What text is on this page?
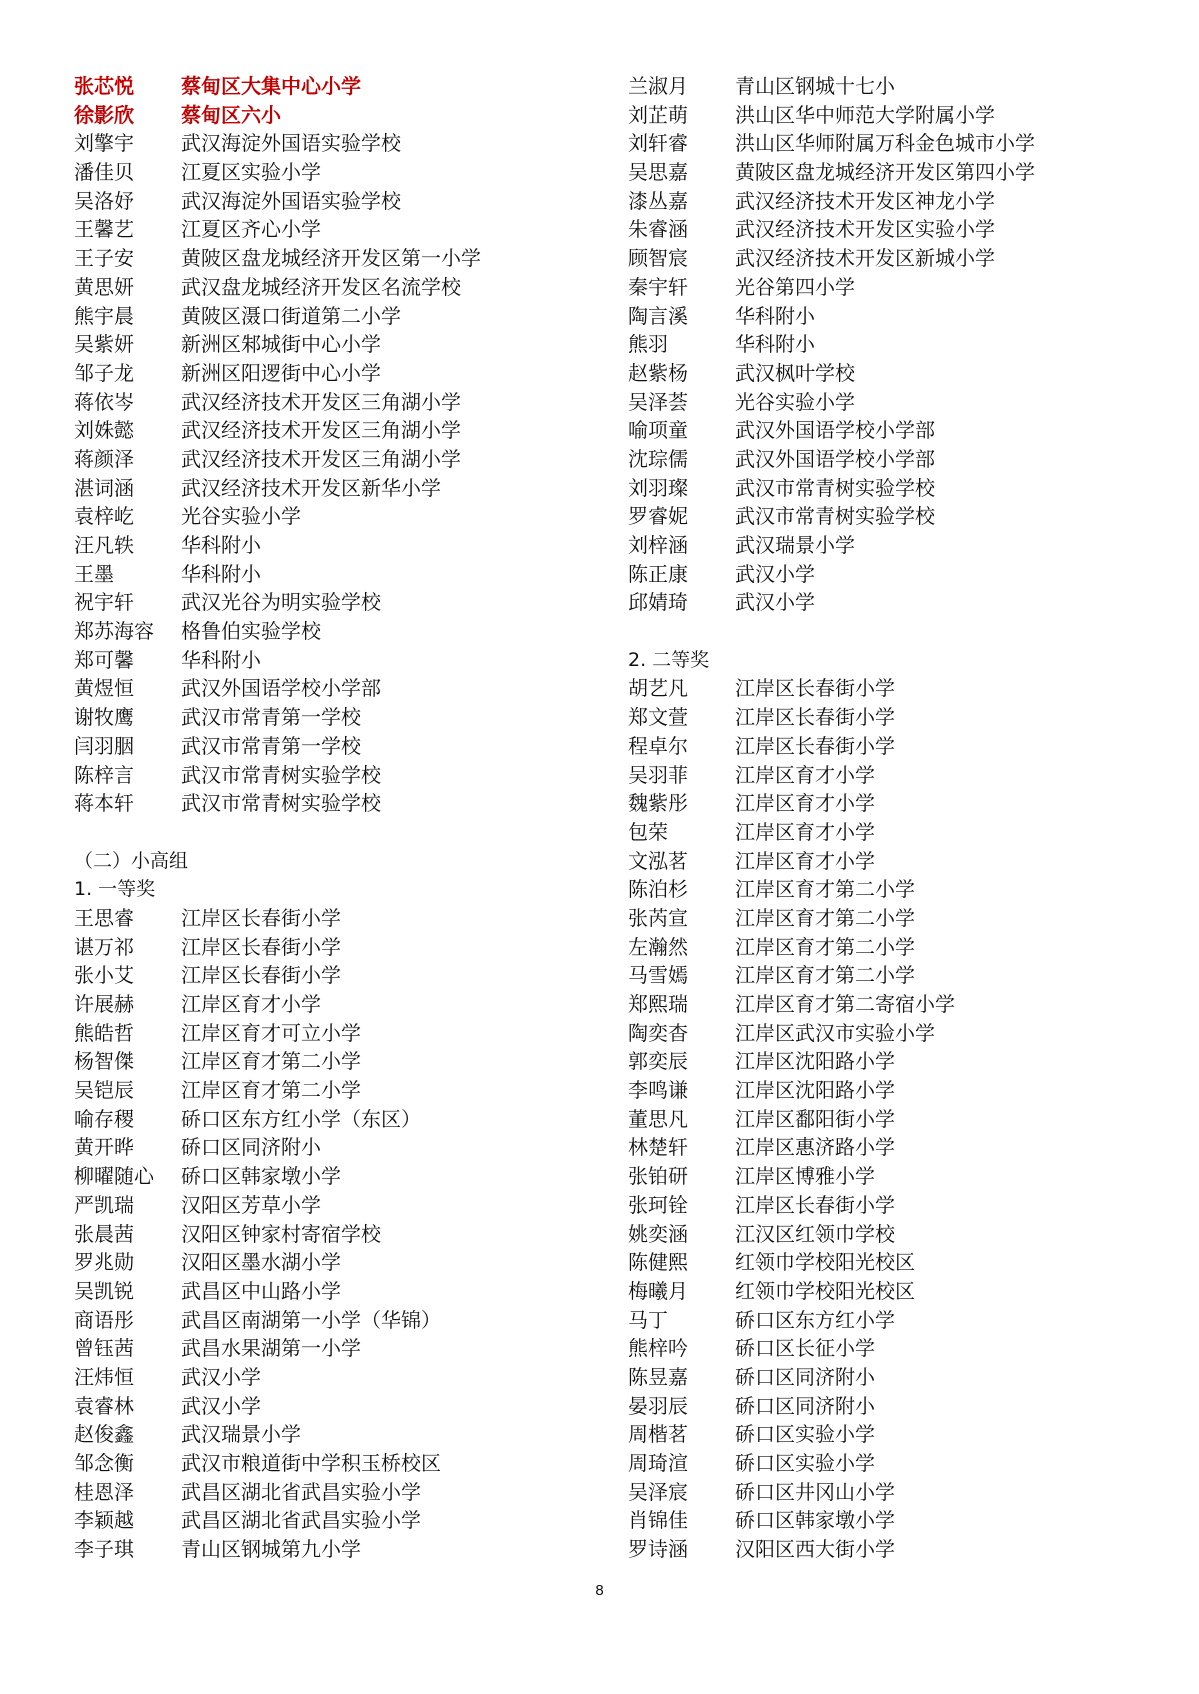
张芯悦 蔡甸区大集中心小学
徐影欣 蔡甸区六小
刘擎宇 武汉海淀外国语实验学校
潘佳贝 江夏区实验小学
吴洛妤 武汉海淀外国语实验学校
王馨艺 江夏区齐心小学
王子安 黄陂区盘龙城经济开发区第一小学
黄思妍 武汉盘龙城经济开发区名流学校
熊宇晨 黄陂区滠口街道第二小学
吴紫妍 新洲区邾城街中心小学
邹子龙 新洲区阳逻街中心小学
蒋依岑 武汉经济技术开发区三角湖小学
刘姝懿 武汉经济技术开发区三角湖小学
蒋颜泽 武汉经济技术开发区三角湖小学
湛词涵 武汉经济技术开发区新华小学
袁梓屹 光谷实验小学
汪凡轶 华科附小
王墨	华科附小
祝宇轩 武汉光谷为明实验学校
郑苏海容 格鲁伯实验学校
郑可馨 华科附小
黄煜恒 武汉外国语学校小学部
谢牧鹰 武汉市常青第一学校
闫羽胭 武汉市常青第一学校
陈梓言 武汉市常青树实验学校
蒋本轩 武汉市常青树实验学校
（二）小高组
1. 一等奖
王思睿 江岸区长春街小学
谌万祁 江岸区长春街小学
张小艾 江岸区长春街小学
许展赫 江岸区育才小学
熊皓哲 江岸区育才可立小学
杨智傑 江岸区育才第二小学
吴铠辰 江岸区育才第二小学
喻存稷 硚口区东方红小学（东区）
黄开晔 硚口区同济附小
柳曜随心 硚口区韩家墩小学
严凯瑞 汉阳区芳草小学
张晨茜 汉阳区钟家村寄宿学校
罗兆勋 汉阳区墨水湖小学
吴凯锐 武昌区中山路小学
商语彤 武昌区南湖第一小学（华锦）
曾钰茜 武昌水果湖第一小学
汪炜恒 武汉小学
袁睿林 武汉小学
赵俊鑫 武汉瑞景小学
邹念衡 武汉市粮道街中学积玉桥校区
桂恩泽 武昌区湖北省武昌实验小学
李颖越 武昌区湖北省武昌实验小学
李子琪 青山区钢城第九小学
兰淑月 青山区钢城十七小
刘芷萌 洪山区华中师范大学附属小学
刘轩睿 洪山区华师附属万科金色城市小学
吴思嘉 黄陂区盘龙城经济开发区第四小学
漆丛嘉 武汉经济技术开发区神龙小学
朱睿涵 武汉经济技术开发区实验小学
顾智宸 武汉经济技术开发区新城小学
秦宇轩 光谷第四小学
陶言溪 华科附小
熊羽	华科附小
赵紫杨 武汉枫叶学校
吴泽荟 光谷实验小学
喻项童 武汉外国语学校小学部
沈琮儒 武汉外国语学校小学部
刘羽璨 武汉市常青树实验学校
罗睿妮 武汉市常青树实验学校
刘梓涵 武汉瑞景小学
陈正康 武汉小学
邱婧琦 武汉小学
2. 二等奖
胡艺凡 江岸区长春街小学
郑文萱 江岸区长春街小学
程卓尔 江岸区长春街小学
吴羽菲 江岸区育才小学
魏紫彤 江岸区育才小学
包荣	江岸区育才小学
文泓茗 江岸区育才小学
陈泊杉 江岸区育才第二小学
张芮宣 江岸区育才第二小学
左瀚然 江岸区育才第二小学
马雪嫣 江岸区育才第二小学
郑熙瑞 江岸区育才第二寄宿小学
陶奕杳 江岸区武汉市实验小学
郭奕辰 江岸区沈阳路小学
李鸣谦 江岸区沈阳路小学
董思凡 江岸区鄱阳街小学
林楚轩 江岸区惠济路小学
张铂研 江岸区博雅小学
张珂铨 江岸区长春街小学
姚奕涵 江汉区红领巾学校
陈健熙 红领巾学校阳光校区
梅曦月 红领巾学校阳光校区
马丁	硚口区东方红小学
熊梓吟 硚口区长征小学
陈昱嘉 硚口区同济附小
晏羽辰 硚口区同济附小
周楷茗 硚口区实验小学
周琦渲 硚口区实验小学
吴泽宸 硚口区井冈山小学
肖锦佳 硚口区韩家墩小学
罗诗涵 汉阳区西大街小学
8
